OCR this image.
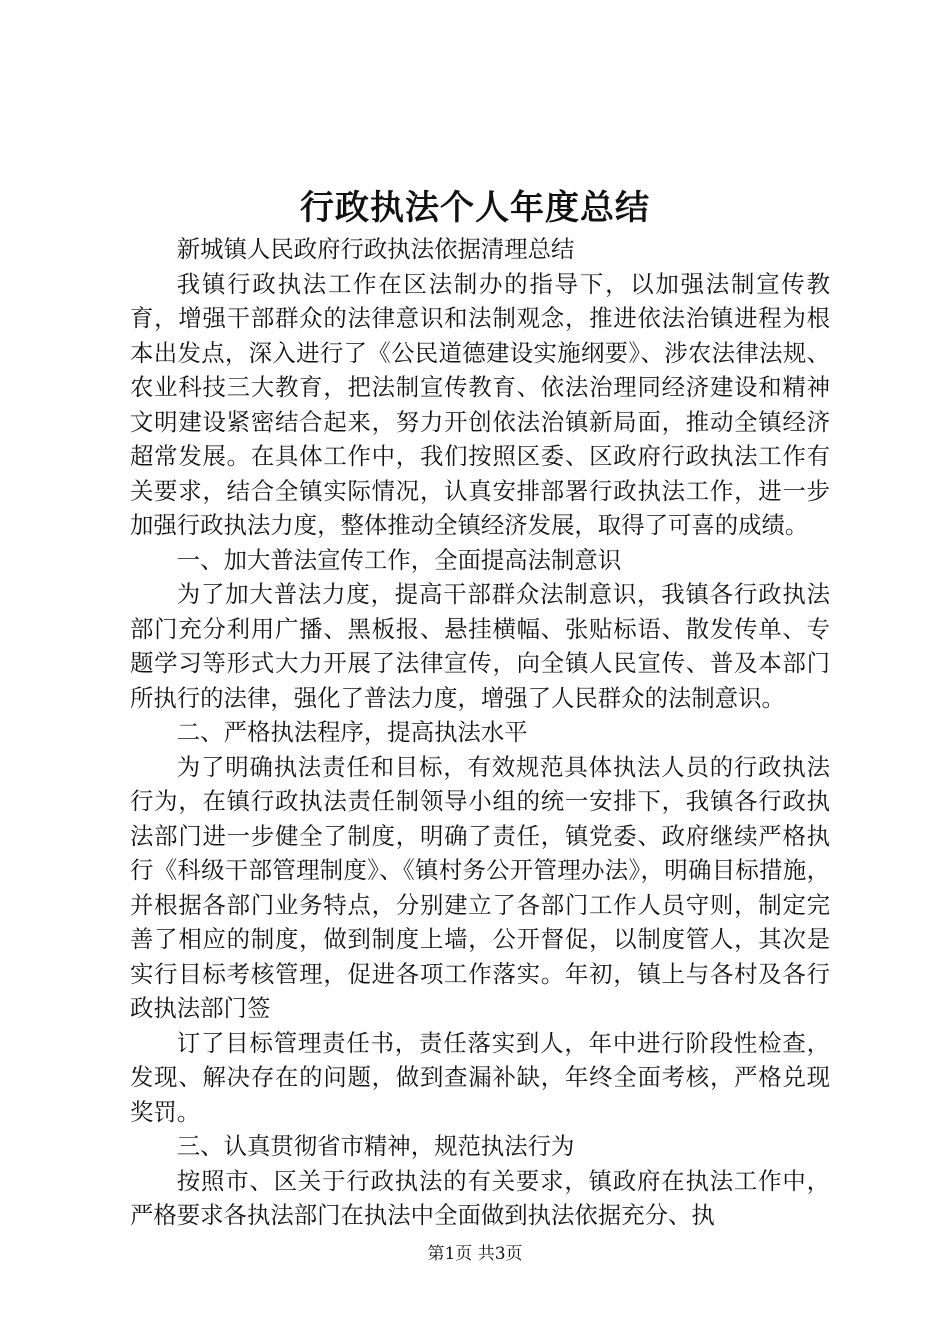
行政执法个人年度总结

新城镇人民政府行政执法依据清理总结

我镇行政执法工作在区法制办的指导下，以加强法制宣传教育，增强干部群众的法律意识和法制观念，推进依法治镇进程为根本出发点，深入进行了《公民道德建设实施纲要》、涉农法律法规、农业科技三大教育，把法制宣传教育、依法治理同经济建设和精神文明建设紧密结合起来，努力开创依法治镇新局面，推动全镇经济超常发展。在具体工作中，我们按照区委、区政府行政执法工作有关要求，结合全镇实际情况，认真安排部署行政执法工作，进一步加强行政执法力度，整体推动全镇经济发展，取得了可喜的成绩。

一、加大普法宣传工作，全面提高法制意识

为了加大普法力度，提高干部群众法制意识，我镇各行政执法部门充分利用广播、黑板报、悬挂横幅、张贴标语、散发传单、专题学习等形式大力开展了法律宣传，向全镇人民宣传、普及本部门所执行的法律，强化了普法力度，增强了人民群众的法制意识。

二、严格执法程序，提高执法水平

为了明确执法责任和目标，有效规范具体执法人员的行政执法行为，在镇行政执法责任制领导小组的统一安排下，我镇各行政执法部门进一步健全了制度，明确了责任，镇党委、政府继续严格执行《科级干部管理制度》、《镇村务公开管理办法》，明确目标措施，并根据各部门业务特点，分别建立了各部门工作人员守则，制定完善了相应的制度，做到制度上墙，公开督促，以制度管人，其次是实行目标考核管理，促进各项工作落实。年初，镇上与各村及各行政执法部门签

订了目标管理责任书，责任落实到人，年中进行阶段性检查，发现、解决存在的问题，做到查漏补缺，年终全面考核，严格兑现奖罚。

三、认真贯彻省市精神，规范执法行为

按照市、区关于行政执法的有关要求，镇政府在执法工作中，严格要求各执法部门在执法中全面做到执法依据充分、执

第1页 共3页
